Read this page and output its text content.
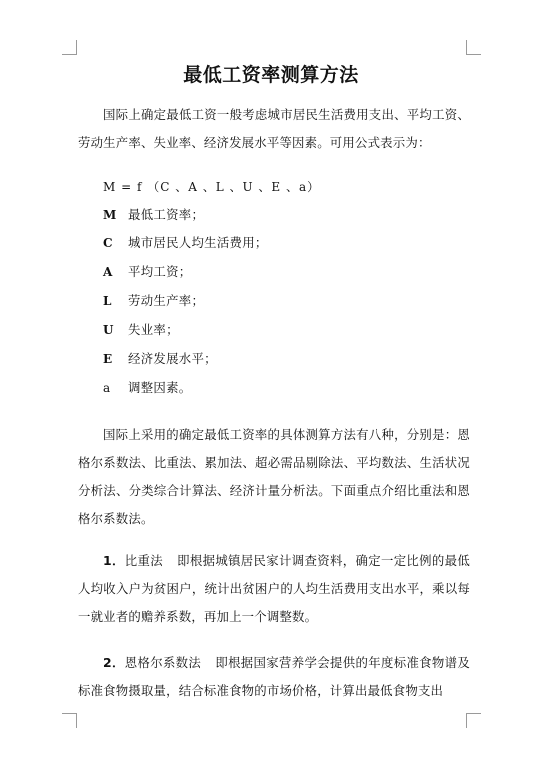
最低工资率测算方法
国际上确定最低工资一般考虑城市居民生活费用支出、平均工资、劳动生产率、失业率、经济发展水平等因素。可用公式表示为：
M = f （C 、A 、L 、U 、E 、a）
M 最低工资率；
C 城市居民人均生活费用；
A 平均工资；
L 劳动生产率；
U 失业率；
E 经济发展水平；
a 调整因素。
国际上采用的确定最低工资率的具体测算方法有八种，分别是：恩格尔系数法、比重法、累加法、超必需品剔除法、平均数法、生活状况分析法、分类综合计算法、经济计量分析法。下面重点介绍比重法和恩格尔系数法。
1．比重法 即根据城镇居民家计调查资料，确定一定比例的最低人均收入户为贫困户，统计出贫困户的人均生活费用支出水平，乘以每一就业者的赡养系数，再加上一个调整数。
2．恩格尔系数法 即根据国家营养学会提供的年度标准食物谱及标准食物摄取量，结合标准食物的市场价格，计算出最低食物支出
